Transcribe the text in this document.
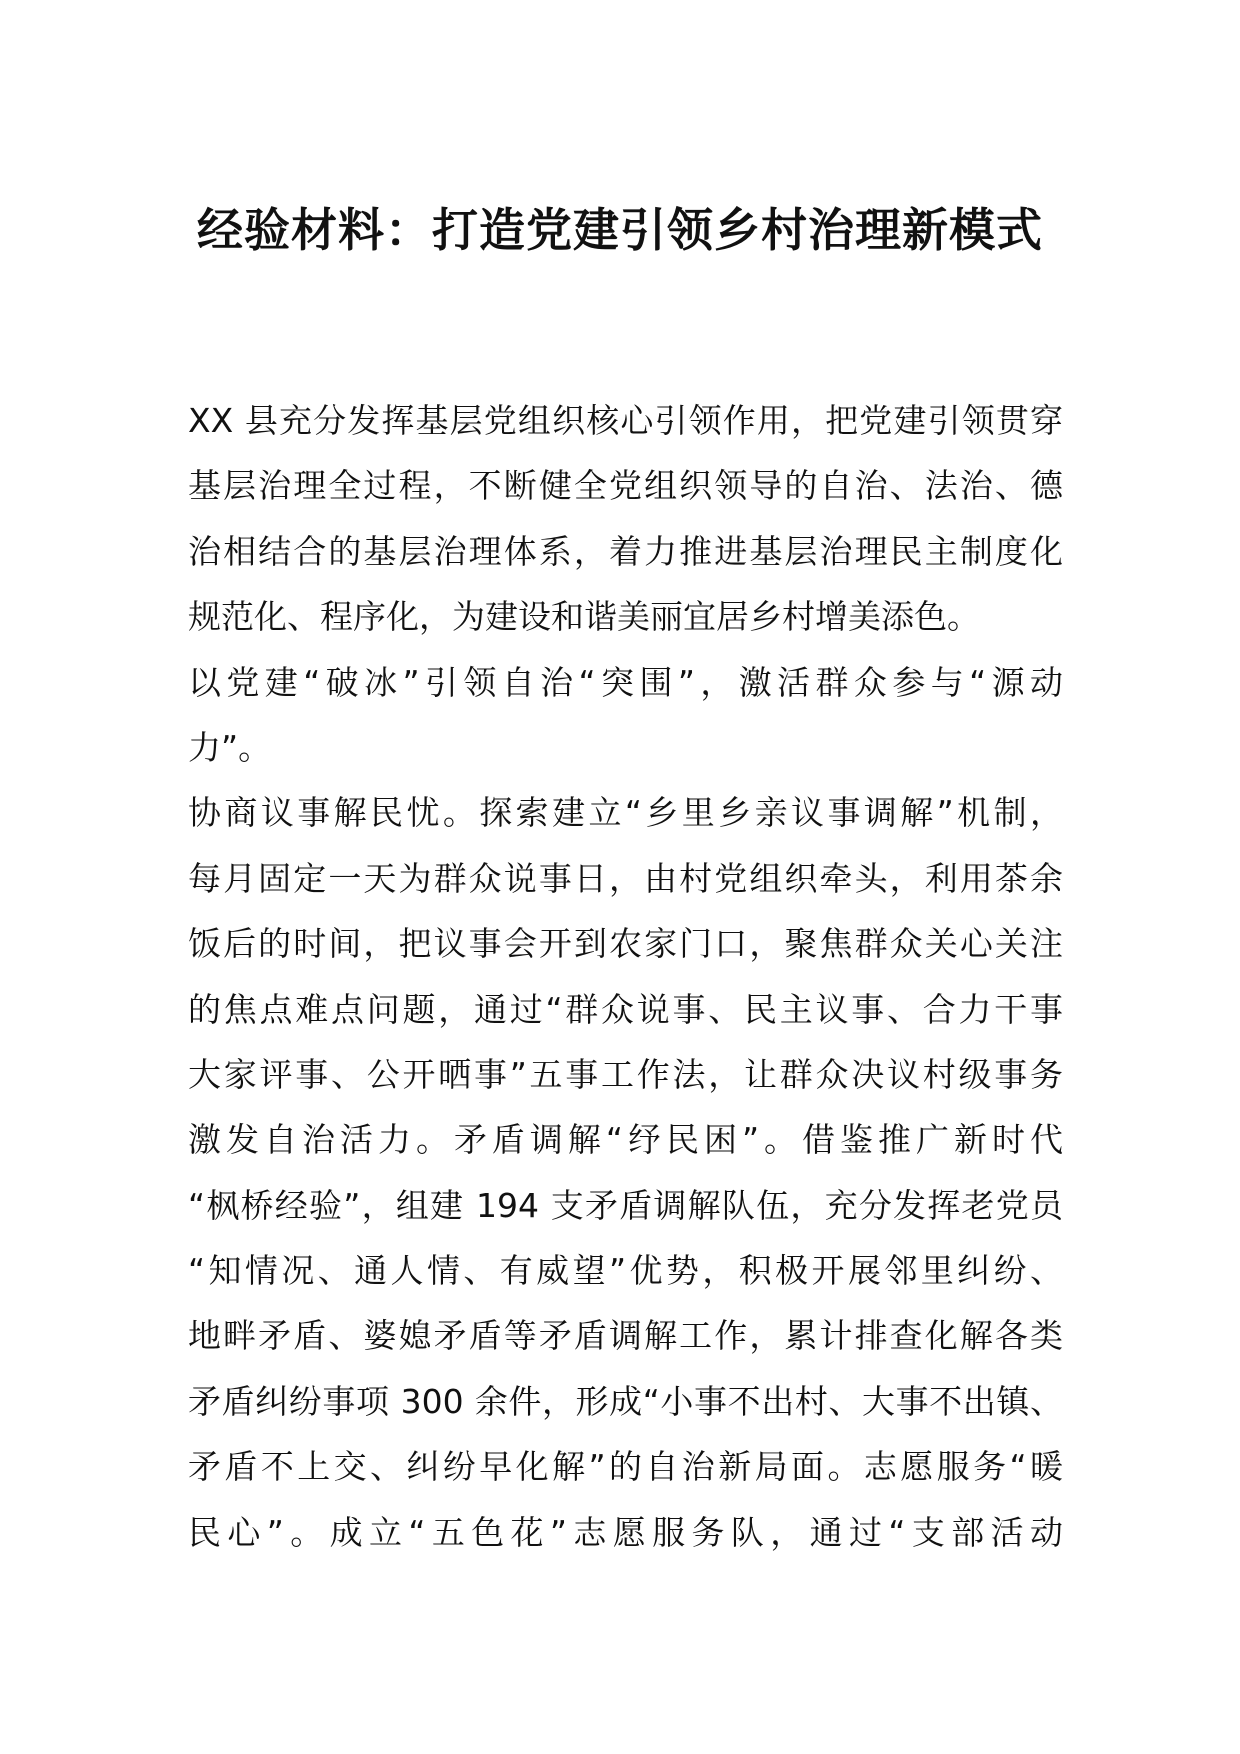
经验材料：打造党建引领乡村治理新模式
XX 县充分发挥基层党组织核心引领作用，把党建引领贯穿
基层治理全过程，不断健全党组织领导的自治、法治、德
治相结合的基层治理体系，着力推进基层治理民主制度化
规范化、程序化，为建设和谐美丽宜居乡村增美添色。
以党建“破冰”引领自治“突围”，激活群众参与“源动
力”。
协商议事解民忧。探索建立“乡里乡亲议事调解”机制，
每月固定一天为群众说事日，由村党组织牵头，利用茶余
饭后的时间，把议事会开到农家门口，聚焦群众关心关注
的焦点难点问题，通过“群众说事、民主议事、合力干事
大家评事、公开晒事”五事工作法，让群众决议村级事务
激发自治活力。矛盾调解“纾民困”。借鉴推广新时代
“枫桥经验”，组建 194 支矛盾调解队伍，充分发挥老党员
“知情况、通人情、有威望”优势，积极开展邻里纠纷、
地畔矛盾、婆媳矛盾等矛盾调解工作，累计排查化解各类
矛盾纠纷事项 300 余件，形成“小事不出村、大事不出镇、
矛盾不上交、纠纷早化解”的自治新局面。志愿服务“暖
民心”。成立“五色花”志愿服务队，通过“支部活动
